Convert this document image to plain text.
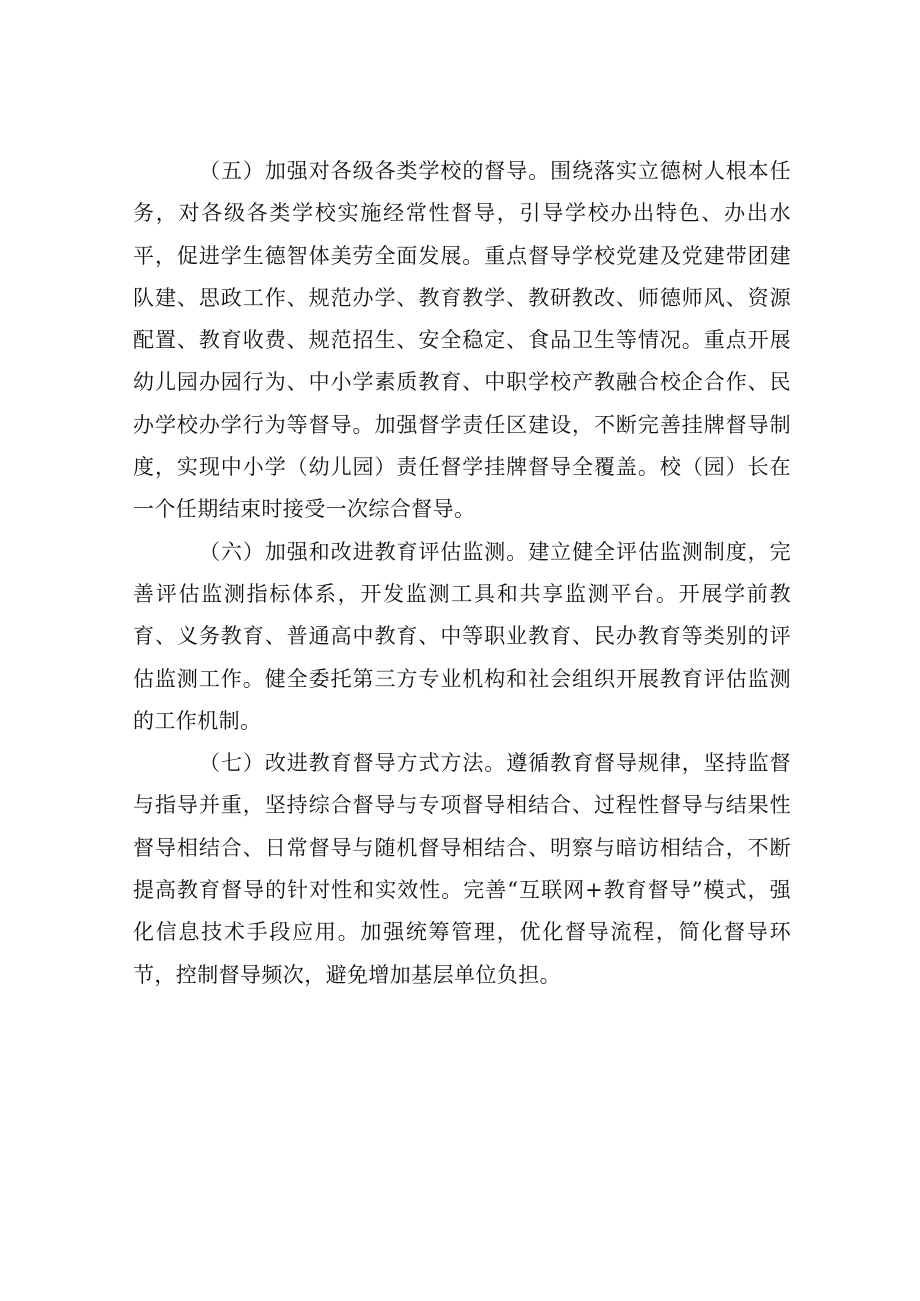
（五）加强对各级各类学校的督导。围绕落实立德树人根本任务，对各级各类学校实施经常性督导，引导学校办出特色、办出水平，促进学生德智体美劳全面发展。重点督导学校党建及党建带团建队建、思政工作、规范办学、教育教学、教研教改、师德师风、资源配置、教育收费、规范招生、安全稳定、食品卫生等情况。重点开展幼儿园办园行为、中小学素质教育、中职学校产教融合校企合作、民办学校办学行为等督导。加强督学责任区建设，不断完善挂牌督导制度，实现中小学（幼儿园）责任督学挂牌督导全覆盖。校（园）长在一个任期结束时接受一次综合督导。

（六）加强和改进教育评估监测。建立健全评估监测制度，完善评估监测指标体系，开发监测工具和共享监测平台。开展学前教育、义务教育、普通高中教育、中等职业教育、民办教育等类别的评估监测工作。健全委托第三方专业机构和社会组织开展教育评估监测的工作机制。

（七）改进教育督导方式方法。遵循教育督导规律，坚持监督与指导并重，坚持综合督导与专项督导相结合、过程性督导与结果性督导相结合、日常督导与随机督导相结合、明察与暗访相结合，不断提高教育督导的针对性和实效性。完善“互联网+教育督导”模式，强化信息技术手段应用。加强统筹管理，优化督导流程，简化督导环节，控制督导频次，避免增加基层单位负担。
